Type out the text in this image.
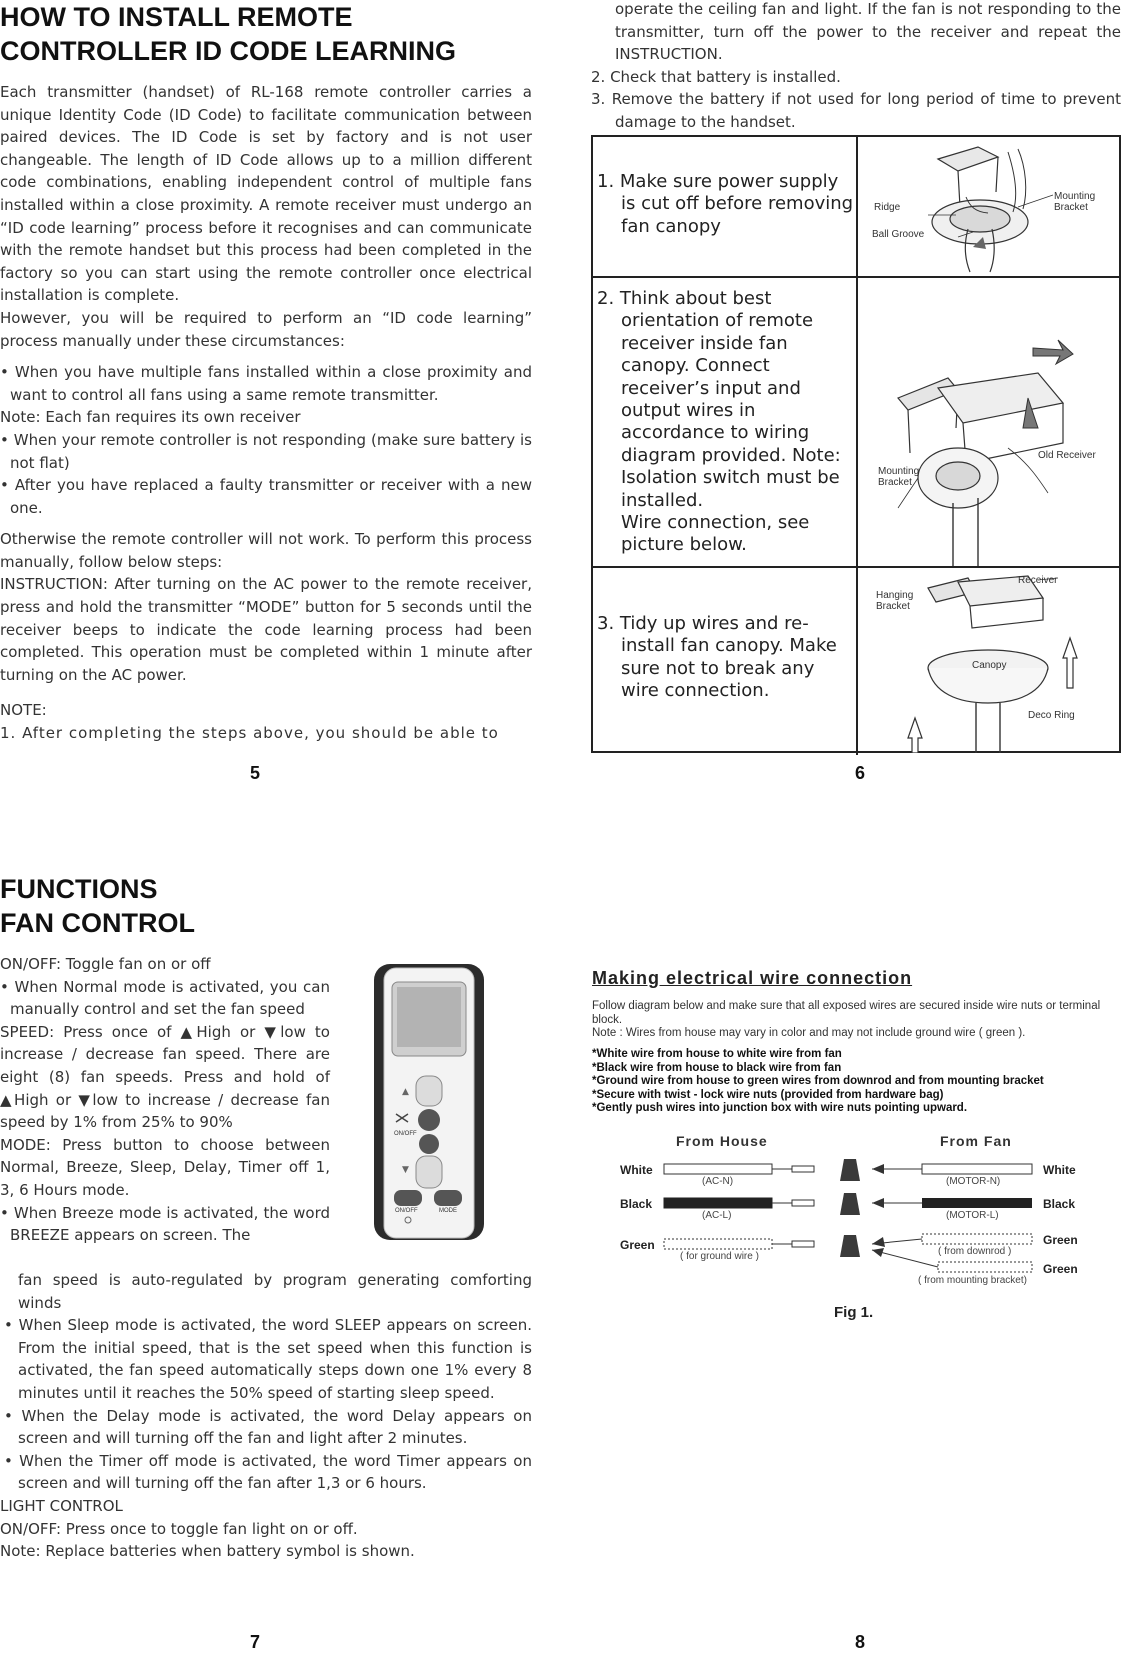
HOW TO INSTALL REMOTE
CONTROLLER ID CODE LEARNING

Each transmitter (handset) of RL-168 remote controller carries a unique Identity Code (ID Code) to facilitate communication between paired devices. The ID Code is set by factory and is not user changeable. The length of ID Code allows up to a million different code combinations, enabling independent control of multiple fans installed within a close proximity. A remote receiver must undergo an “ID code learning” process before it recognises and can communicate with the remote handset but this process had been completed in the factory so you can start using the remote controller once electrical installation is complete.

However, you will be required to perform an “ID code learning” process manually under these circumstances:

• When you have multiple fans installed within a close proximity and want to control all fans using a same remote transmitter.

Note: Each fan requires its own receiver

• When your remote controller is not responding (make sure battery is not flat)

• After you have replaced a faulty transmitter or receiver with a new one.

Otherwise the remote controller will not work. To perform this process manually, follow below steps:

INSTRUCTION: After turning on the AC power to the remote receiver, press and hold the transmitter “MODE” button for 5 seconds until the receiver beeps to indicate the code learning process had been completed. This operation must be completed within 1 minute after turning on the AC power.

NOTE:

1. After completing the steps above, you should be able to

5

operate the ceiling fan and light. If the fan is not responding to the transmitter, turn off the power to the receiver and repeat the INSTRUCTION.

2. Check that battery is installed.

3. Remove the battery if not used for long period of time to prevent damage to the handset.

1. Make sure power supply is cut off before removing fan canopy
Ridge
Ball Groove
Mounting
Bracket
2. Think about best orientation of remote receiver inside fan canopy. Connect receiver’s input and output wires in accordance to wiring diagram provided. Note: Isolation switch must be installed.
Wire connection, see picture below.
Mounting
Bracket
Old Receiver
3. Tidy up wires and re-install fan canopy. Make sure not to break any wire connection.
Hanging
Bracket
Receiver
Canopy
Deco Ring
6
FUNCTIONS
FAN CONTROL

ON/OFF: Toggle fan on or off

• When Normal mode is activated, you can manually control and set the fan speed

SPEED: Press once of ▲High or ▼low to increase / decrease fan speed. There are eight (8) fan speeds. Press and hold of ▲High or ▼low to increase / decrease fan speed by 1% from 25% to 90%

MODE: Press button to choose between Normal, Breeze, Sleep, Delay, Timer off 1, 3, 6 Hours mode.

• When Breeze mode is activated, the word BREEZE appears on screen. The

fan speed is auto-regulated by program generating comforting winds

• When Sleep mode is activated, the word SLEEP appears on screen. From the initial speed, that is the set speed when this function is activated, the fan speed automatically steps down one 1% every 8 minutes until it reaches the 50% speed of starting sleep speed.

• When the Delay mode is activated, the word Delay appears on screen and will turning off the fan and light after 2 minutes.

• When the Timer off mode is activated, the word Timer appears on screen and will turning off the fan after 1,3 or 6 hours.

LIGHT CONTROL

ON/OFF: Press once to toggle fan light on or off.

Note: Replace batteries when battery symbol is shown.

▲
▼
ON/OFF
ON/OFF	MODE
7
Making electrical wire connection
Follow diagram below and make sure that all exposed wires are secured inside wire nuts or terminal block.
Note : Wires from house may vary in color and may not include ground wire ( green ).
*White wire from house to white wire from fan
*Black wire from house to black wire from fan
*Ground wire from house to green wires from downrod and from mounting bracket
*Secure with twist - lock wire nuts (provided from hardware bag)
*Gently push wires into junction box with wire nuts pointing upward.
From House	From Fan
White
Black
Green
(AC-N)
(AC-L)
( for ground wire )
White
Black
Green
Green
(MOTOR-N)
(MOTOR-L)
( from downrod )
( from mounting bracket)
Fig 1.
8
